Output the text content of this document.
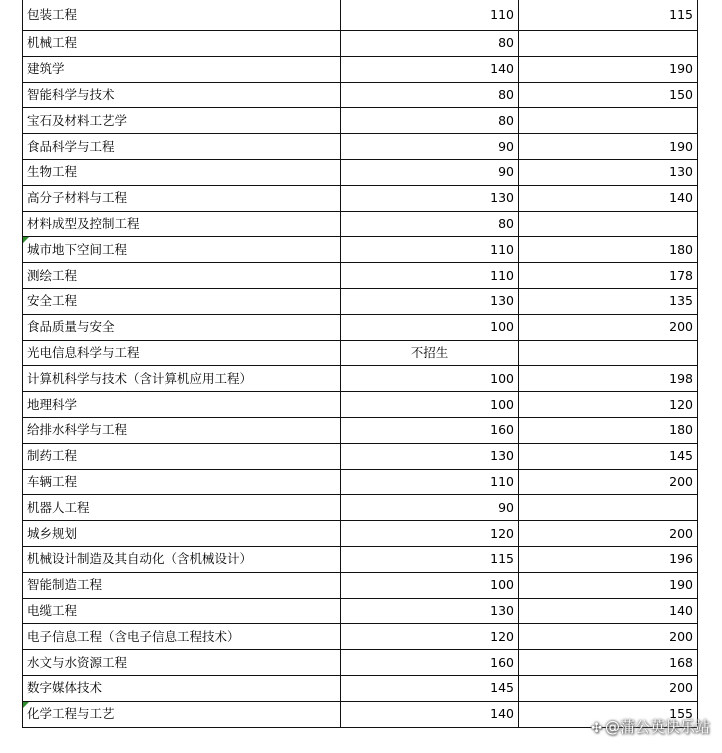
包装工程	110	115
机械工程	80	
建筑学	140	190
智能科学与技术	80	150
宝石及材料工艺学	80	
食品科学与工程	90	190
生物工程	90	130
高分子材料与工程	130	140
材料成型及控制工程	80	
城市地下空间工程	110	180
测绘工程	110	178
安全工程	130	135
食品质量与安全	100	200
光电信息科学与工程	不招生	
计算机科学与技术（含计算机应用工程）	100	198
地理科学	100	120
给排水科学与工程	160	180
制药工程	130	145
车辆工程	110	200
机器人工程	90	
城乡规划	120	200
机械设计制造及其自动化（含机械设计）	115	196
智能制造工程	100	190
电缆工程	130	140
电子信息工程（含电子信息工程技术）	120	200
水文与水资源工程	160	168
数字媒体技术	145	200
化学工程与工艺	140	155
✣ @蒲公英快乐站
